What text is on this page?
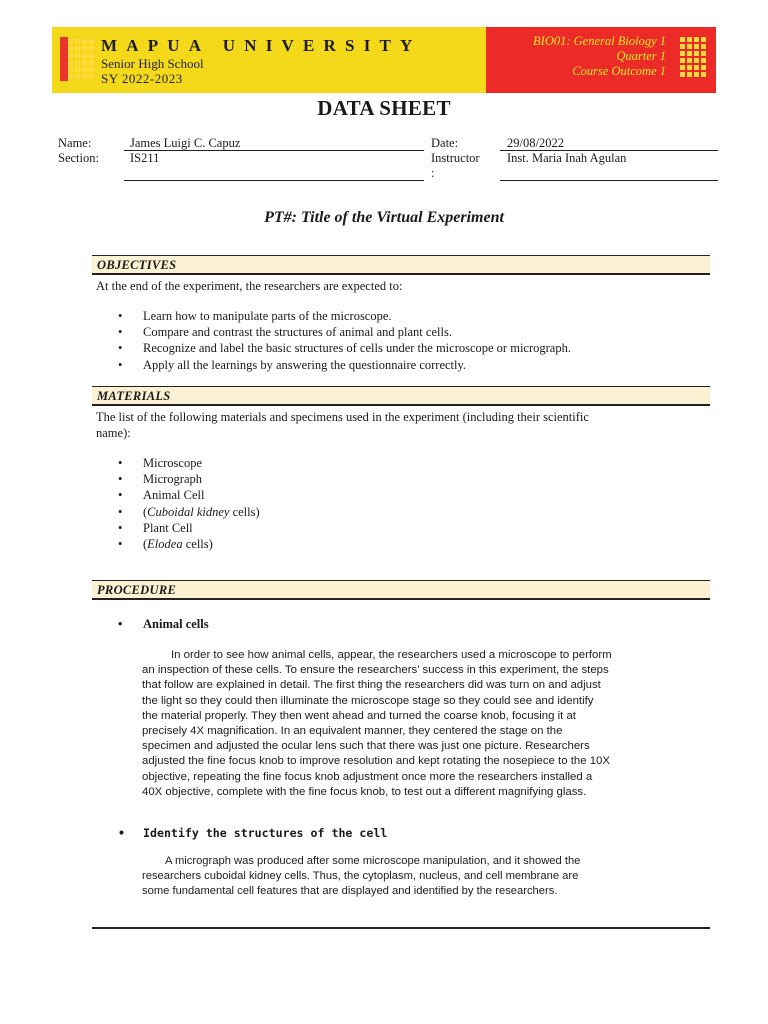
MAPUA UNIVERSITY
Senior High School
SY 2022-2023
BIO01: General Biology 1
Quarter 1
Course Outcome 1
DATA SHEET
Name:	James Luigi C. Capuz
Section: IS211
Date:	29/08/2022
Instructor
:
Inst. Maria Inah Agulan
PT#: Title of the Virtual Experiment
OBJECTIVES
At the end of the experiment, the researchers are expected to:
• Learn how to manipulate parts of the microscope.
• Compare and contrast the structures of animal and plant cells.
• Recognize and label the basic structures of cells under the microscope or micrograph.
• Apply all the learnings by answering the questionnaire correctly.
MATERIALS
The list of the following materials and specimens used in the experiment (including their scientific
name):
• Microscope
• Micrograph
• Animal Cell
• (Cuboidal kidney cells)
• Plant Cell
• (Elodea cells)
PROCEDURE
• Animal cells
In order to see how animal cells, appear, the researchers used a microscope to perform
an inspection of these cells. To ensure the researchers' success in this experiment, the steps
that follow are explained in detail. The first thing the researchers did was turn on and adjust
the light so they could then illuminate the microscope stage so they could see and identify
the material properly. They then went ahead and turned the coarse knob, focusing it at
precisely 4X magnification. In an equivalent manner, they centered the stage on the
specimen and adjusted the ocular lens such that there was just one picture. Researchers
adjusted the fine focus knob to improve resolution and kept rotating the nosepiece to the 10X
objective, repeating the fine focus knob adjustment once more the researchers installed a
40X objective, complete with the fine focus knob, to test out a different magnifying glass.
• Identify the structures of the cell
A micrograph was produced after some microscope manipulation, and it showed the
researchers cuboidal kidney cells. Thus, the cytoplasm, nucleus, and cell membrane are
some fundamental cell features that are displayed and identified by the researchers.
